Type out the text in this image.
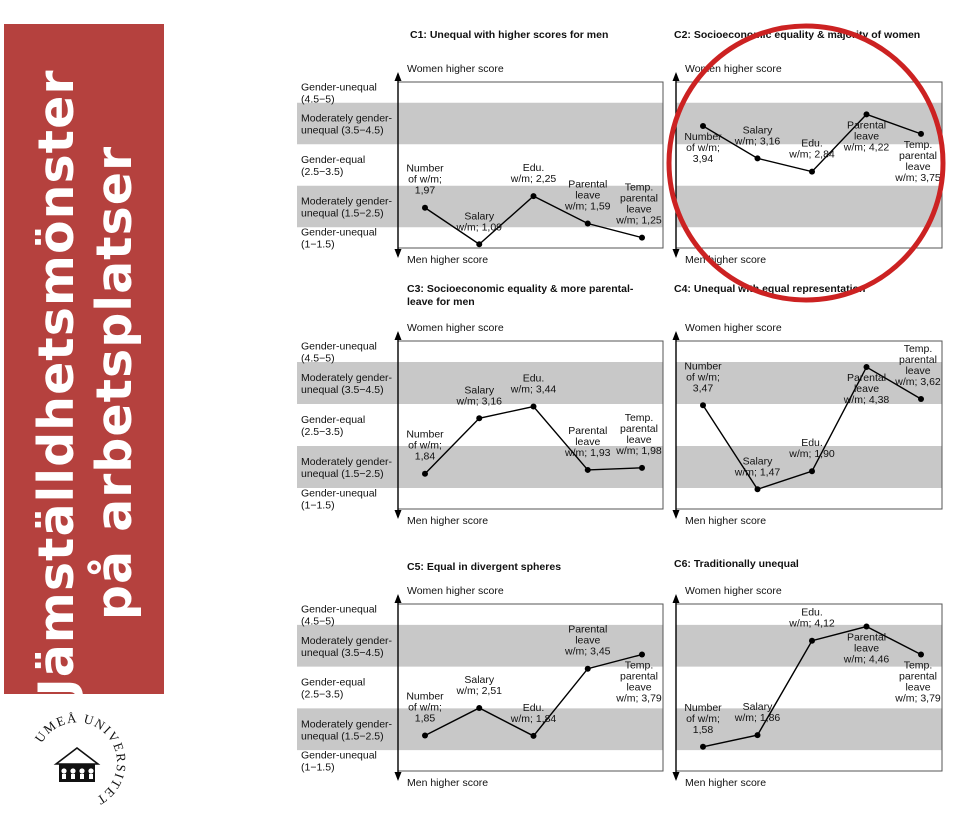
Jämställdhetsmönster
på arbetsplatser
UMEÅ UNIVERSITET
Women higher score
Men higher score
Gender-unequal (4.5−5)
Moderately gender-unequal (3.5−4.5)
Gender-equal (2.5−3.5)
Moderately gender-unequal (1.5−2.5)
Gender-unequal (1−1.5)
C1: Unequal with higher scores for men
Number of w/m; 1,97
Salary w/m; 1,09
Edu. w/m; 2,25	Parental leave w/m; 1,59
Temp. parental leave w/m; 1,25
Women higher score
Men higher score
C2: Socioeconomic equality & majority of women
Number of w/m; 3,94
Salary w/m; 3,16	Edu. w/m; 2,84
Parental leave w/m; 4,22	Temp. parental leave w/m; 3,75
Women higher score
Men higher score
Gender-unequal (4.5−5)
Moderately gender-unequal (3.5−4.5)
Gender-equal (2.5−3.5)
Moderately gender-unequal (1.5−2.5)
Gender-unequal (1−1.5)
C3: Socioeconomic equality & more parental-leave for men
Number of w/m; 1,84
Salary w/m; 3,16
Edu. w/m; 3,44
Parental leave w/m; 1,93
Temp. parental leave w/m; 1,98
Women higher score
Men higher score
C4: Unequal with equal representation
Number of w/m; 3,47
Salary w/m; 1,47
Edu. w/m; 1,90
Parental leave w/m; 4,38
Temp. parental leave w/m; 3,62
Women higher score
Men higher score
Gender-unequal (4.5−5)
Moderately gender-unequal (3.5−4.5)
Gender-equal (2.5−3.5)
Moderately gender-unequal (1.5−2.5)
Gender-unequal (1−1.5)
C5: Equal in divergent spheres
Number of w/m; 1,85
Salary w/m; 2,51
Edu. w/m; 1,84
Parental leave w/m; 3,45
Temp. parental leave w/m; 3,79
Women higher score
Men higher score
C6: Traditionally unequal
Number of w/m; 1,58
Salary w/m; 1,86
Edu. w/m; 4,12
Parental leave w/m; 4,46	Temp. parental leave w/m; 3,79
